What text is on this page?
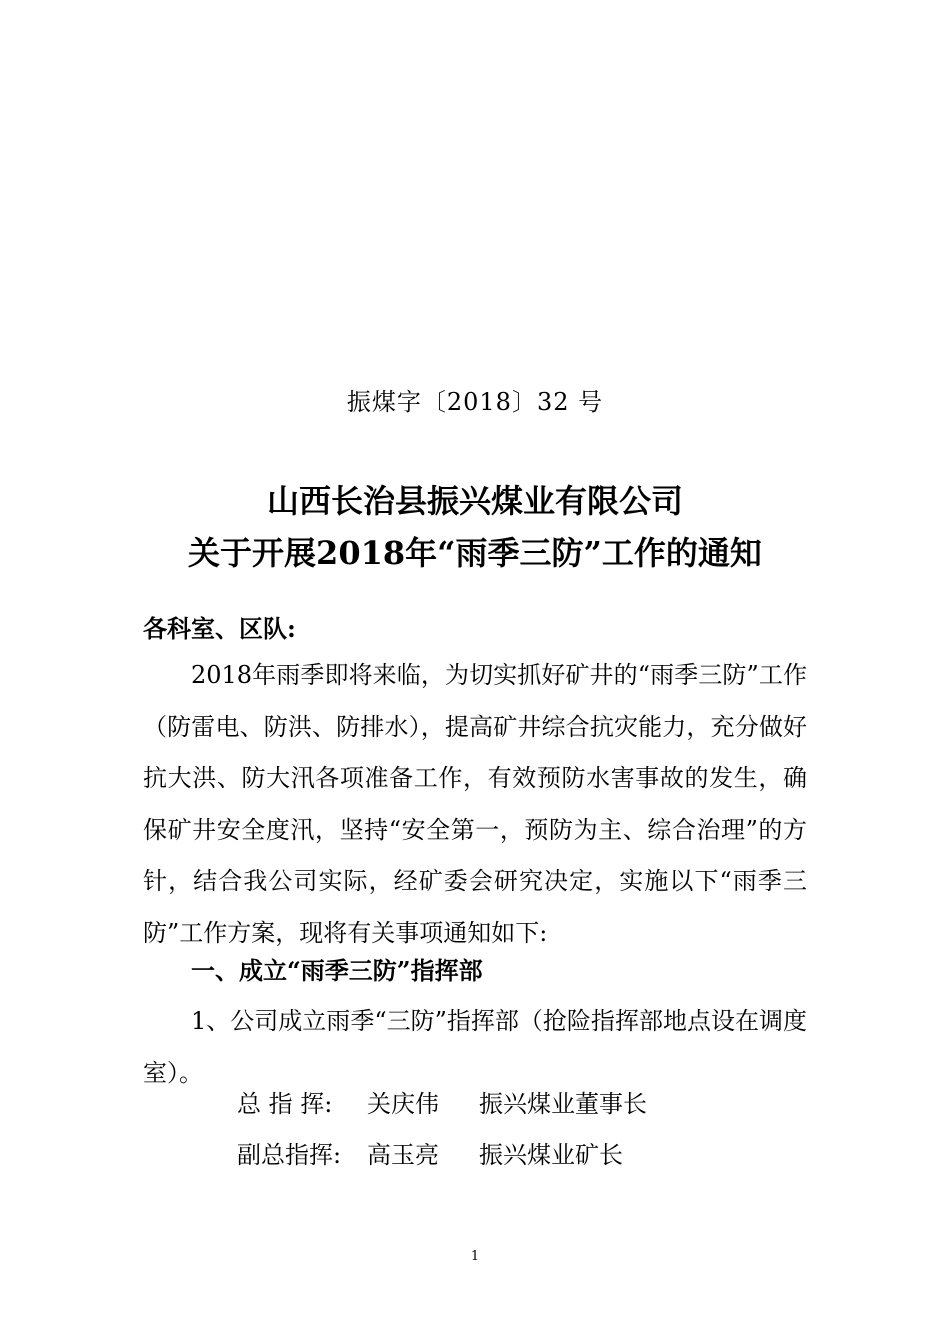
振煤字〔2018〕32 号
山西长治县振兴煤业有限公司
关于开展2018年“雨季三防”工作的通知
各科室、区队:

2018年雨季即将来临，为切实抓好矿井的“雨季三防”工作（防雷电、防洪、防排水），提高矿井综合抗灾能力，充分做好抗大洪、防大汛各项准备工作，有效预防水害事故的发生，确保矿井安全度汛，坚持“安全第一，预防为主、综合治理”的方针，结合我公司实际，经矿委会研究决定，实施以下“雨季三防”工作方案，现将有关事项通知如下:

一、成立“雨季三防”指挥部

1、公司成立雨季“三防”指挥部（抢险指挥部地点设在调度室）。

总 指 挥: 关庆伟 振兴煤业董事长
副总指挥: 高玉亮 振兴煤业矿长
1
